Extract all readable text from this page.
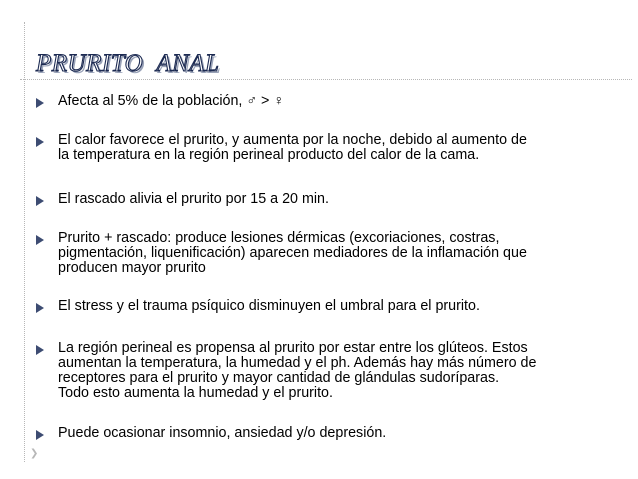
PRURITO  ANAL
Afecta al 5% de la población, ♂ > ♀
El calor favorece el prurito, y aumenta por la noche, debido al aumento de
la temperatura en la región perineal producto del calor de la cama.
El rascado alivia el prurito por 15 a 20 min.
Prurito + rascado: produce lesiones dérmicas (excoriaciones, costras,
pigmentación, liquenificación) aparecen mediadores de la inflamación que
producen mayor prurito
El stress y el trauma psíquico disminuyen el umbral para el prurito.
La región perineal es propensa al prurito por estar entre los glúteos. Estos
aumentan la temperatura, la humedad y el ph. Además hay más número de
receptores para el prurito y mayor cantidad de glándulas sudoríparas.
Todo esto aumenta la humedad y el prurito.
Puede ocasionar insomnio, ansiedad y/o depresión.
❯
